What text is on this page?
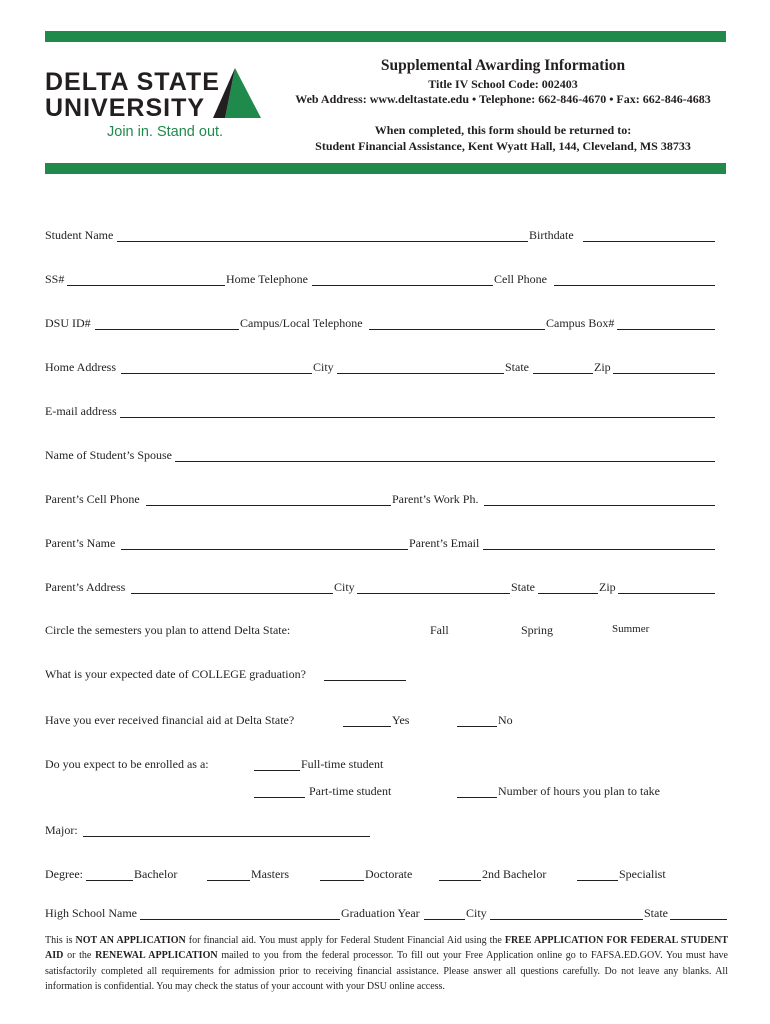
DELTA STATE
UNIVERSITY
Join in. Stand out.
Supplemental Awarding Information
Title IV School Code: 002403
Web Address: www.deltastate.edu • Telephone: 662-846-4670 • Fax: 662-846-4683
When completed, this form should be returned to:
Student Financial Assistance, Kent Wyatt Hall, 144, Cleveland, MS 38733
Student Name	Birthdate
SS#	Home Telephone	Cell Phone
DSU ID#	Campus/Local Telephone	Campus Box#
Home Address	City	State	Zip
E-mail address
Name of Student’s Spouse
Parent’s Cell Phone	Parent’s Work Ph.
Parent’s Name	Parent’s Email
Parent’s Address	City	State	Zip
Circle the semesters you plan to attend Delta State:	Fall	Spring	Summer
What is your expected date of COLLEGE graduation?
Have you ever received financial aid at Delta State?	Yes	No
Do you expect to be enrolled as a:	Full-time student
Part-time student	Number of hours you plan to take
Major:
Degree:	Bachelor	Masters	Doctorate	2nd Bachelor	Specialist
High School Name	Graduation Year	City	State
This is NOT AN APPLICATION for financial aid. You must apply for Federal Student Financial Aid using the FREE APPLICATION FOR FEDERAL STUDENT AID or the RENEWAL APPLICATION mailed to you from the federal processor. To fill out your Free Application online go to FAFSA.ED.GOV. You must have satisfactorily completed all requirements for admission prior to receiving financial assistance. Please answer all questions carefully. Do not leave any blanks. All information is confidential. You may check the status of your account with your DSU online access.
